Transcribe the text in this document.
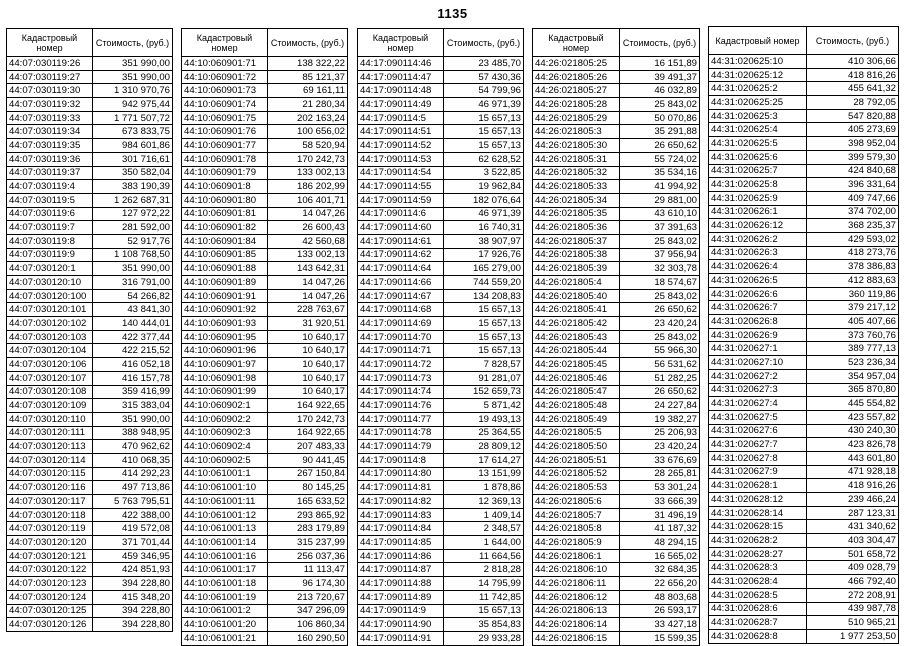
1135
Кадастровый номер	Стоимость, (руб.)
44:07:030119:26	351 990,00
44:07:030119:27	351 990,00
44:07:030119:30	1 310 970,76
44:07:030119:32	942 975,44
44:07:030119:33	1 771 507,72
44:07:030119:34	673 833,75
44:07:030119:35	984 601,86
44:07:030119:36	301 716,61
44:07:030119:37	350 582,04
44:07:030119:4	383 190,39
44:07:030119:5	1 262 687,31
44:07:030119:6	127 972,22
44:07:030119:7	281 592,00
44:07:030119:8	52 917,76
44:07:030119:9	1 108 768,50
44:07:030120:1	351 990,00
44:07:030120:10	316 791,00
44:07:030120:100	54 266,82
44:07:030120:101	43 841,30
44:07:030120:102	140 444,01
44:07:030120:103	422 377,44
44:07:030120:104	422 215,52
44:07:030120:106	416 052,18
44:07:030120:107	416 157,78
44:07:030120:108	359 416,99
44:07:030120:109	315 383,04
44:07:030120:110	351 990,00
44:07:030120:111	388 948,95
44:07:030120:113	470 962,62
44:07:030120:114	410 068,35
44:07:030120:115	414 292,23
44:07:030120:116	497 713,86
44:07:030120:117	5 763 795,51
44:07:030120:118	422 388,00
44:07:030120:119	419 572,08
44:07:030120:120	371 701,44
44:07:030120:121	459 346,95
44:07:030120:122	424 851,93
44:07:030120:123	394 228,80
44:07:030120:124	415 348,20
44:07:030120:125	394 228,80
44:07:030120:126	394 228,80
Кадастровый номер	Стоимость, (руб.)
44:10:060901:71	138 322,22
44:10:060901:72	85 121,37
44:10:060901:73	69 161,11
44:10:060901:74	21 280,34
44:10:060901:75	202 163,24
44:10:060901:76	100 656,02
44:10:060901:77	58 520,94
44:10:060901:78	170 242,73
44:10:060901:79	133 002,13
44:10:060901:8	186 202,99
44:10:060901:80	106 401,71
44:10:060901:81	14 047,26
44:10:060901:82	26 600,43
44:10:060901:84	42 560,68
44:10:060901:85	133 002,13
44:10:060901:88	143 642,31
44:10:060901:89	14 047,26
44:10:060901:91	14 047,26
44:10:060901:92	228 763,67
44:10:060901:93	31 920,51
44:10:060901:95	10 640,17
44:10:060901:96	10 640,17
44:10:060901:97	10 640,17
44:10:060901:98	10 640,17
44:10:060901:99	10 640,17
44:10:060902:1	164 922,65
44:10:060902:2	170 242,73
44:10:060902:3	164 922,65
44:10:060902:4	207 483,33
44:10:060902:5	90 441,45
44:10:061001:1	267 150,84
44:10:061001:10	80 145,25
44:10:061001:11	165 633,52
44:10:061001:12	293 865,92
44:10:061001:13	283 179,89
44:10:061001:14	315 237,99
44:10:061001:16	256 037,36
44:10:061001:17	11 113,47
44:10:061001:18	96 174,30
44:10:061001:19	213 720,67
44:10:061001:2	347 296,09
44:10:061001:20	106 860,34
44:10:061001:21	160 290,50
Кадастровый номер	Стоимость, (руб.)
44:17:090114:46	23 485,70
44:17:090114:47	57 430,36
44:17:090114:48	54 799,96
44:17:090114:49	46 971,39
44:17:090114:5	15 657,13
44:17:090114:51	15 657,13
44:17:090114:52	15 657,13
44:17:090114:53	62 628,52
44:17:090114:54	3 522,85
44:17:090114:55	19 962,84
44:17:090114:59	182 076,64
44:17:090114:6	46 971,39
44:17:090114:60	16 740,31
44:17:090114:61	38 907,97
44:17:090114:62	17 926,76
44:17:090114:64	165 279,00
44:17:090114:66	744 559,20
44:17:090114:67	134 208,83
44:17:090114:68	15 657,13
44:17:090114:69	15 657,13
44:17:090114:70	15 657,13
44:17:090114:71	15 657,13
44:17:090114:72	7 828,57
44:17:090114:73	91 281,07
44:17:090114:74	152 659,73
44:17:090114:76	5 871,42
44:17:090114:77	19 493,13
44:17:090114:78	25 364,55
44:17:090114:79	28 809,12
44:17:090114:8	17 614,27
44:17:090114:80	13 151,99
44:17:090114:81	1 878,86
44:17:090114:82	12 369,13
44:17:090114:83	1 409,14
44:17:090114:84	2 348,57
44:17:090114:85	1 644,00
44:17:090114:86	11 664,56
44:17:090114:87	2 818,28
44:17:090114:88	14 795,99
44:17:090114:89	11 742,85
44:17:090114:9	15 657,13
44:17:090114:90	35 854,83
44:17:090114:91	29 933,28
Кадастровый номер	Стоимость, (руб.)
44:26:021805:25	16 151,89
44:26:021805:26	39 491,37
44:26:021805:27	46 032,89
44:26:021805:28	25 843,02
44:26:021805:29	50 070,86
44:26:021805:3	35 291,88
44:26:021805:30	26 650,62
44:26:021805:31	55 724,02
44:26:021805:32	35 534,16
44:26:021805:33	41 994,92
44:26:021805:34	29 881,00
44:26:021805:35	43 610,10
44:26:021805:36	37 391,63
44:26:021805:37	25 843,02
44:26:021805:38	37 956,94
44:26:021805:39	32 303,78
44:26:021805:4	18 574,67
44:26:021805:40	25 843,02
44:26:021805:41	26 650,62
44:26:021805:42	23 420,24
44:26:021805:43	25 843,02
44:26:021805:44	55 966,30
44:26:021805:45	56 531,62
44:26:021805:46	51 282,25
44:26:021805:47	26 650,62
44:26:021805:48	24 227,84
44:26:021805:49	19 382,27
44:26:021805:5	25 206,93
44:26:021805:50	23 420,24
44:26:021805:51	33 676,69
44:26:021805:52	28 265,81
44:26:021805:53	53 301,24
44:26:021805:6	33 666,39
44:26:021805:7	31 496,19
44:26:021805:8	41 187,32
44:26:021805:9	48 294,15
44:26:021806:1	16 565,02
44:26:021806:10	32 684,35
44:26:021806:11	22 656,20
44:26:021806:12	48 803,68
44:26:021806:13	26 593,17
44:26:021806:14	33 427,18
44:26:021806:15	15 599,35
Кадастровый номер	Стоимость, (руб.)
44:31:020625:10	410 306,66
44:31:020625:12	418 816,26
44:31:020625:2	455 641,32
44:31:020625:25	28 792,05
44:31:020625:3	547 820,88
44:31:020625:4	405 273,69
44:31:020625:5	398 952,04
44:31:020625:6	399 579,30
44:31:020625:7	424 840,68
44:31:020625:8	396 331,64
44:31:020625:9	409 747,66
44:31:020626:1	374 702,00
44:31:020626:12	368 235,37
44:31:020626:2	429 593,02
44:31:020626:3	418 273,76
44:31:020626:4	378 386,83
44:31:020626:5	412 883,63
44:31:020626:6	360 119,86
44:31:020626:7	379 217,12
44:31:020626:8	405 407,66
44:31:020626:9	373 760,76
44:31:020627:1	389 777,13
44:31:020627:10	523 236,34
44:31:020627:2	354 957,04
44:31:020627:3	365 870,80
44:31:020627:4	445 554,82
44:31:020627:5	423 557,82
44:31:020627:6	430 240,30
44:31:020627:7	423 826,78
44:31:020627:8	443 601,80
44:31:020627:9	471 928,18
44:31:020628:1	418 916,26
44:31:020628:12	239 466,24
44:31:020628:14	287 123,31
44:31:020628:15	431 340,62
44:31:020628:2	403 304,47
44:31:020628:27	501 658,72
44:31:020628:3	409 028,79
44:31:020628:4	466 792,40
44:31:020628:5	272 208,91
44:31:020628:6	439 987,78
44:31:020628:7	510 965,21
44:31:020628:8	1 977 253,50
